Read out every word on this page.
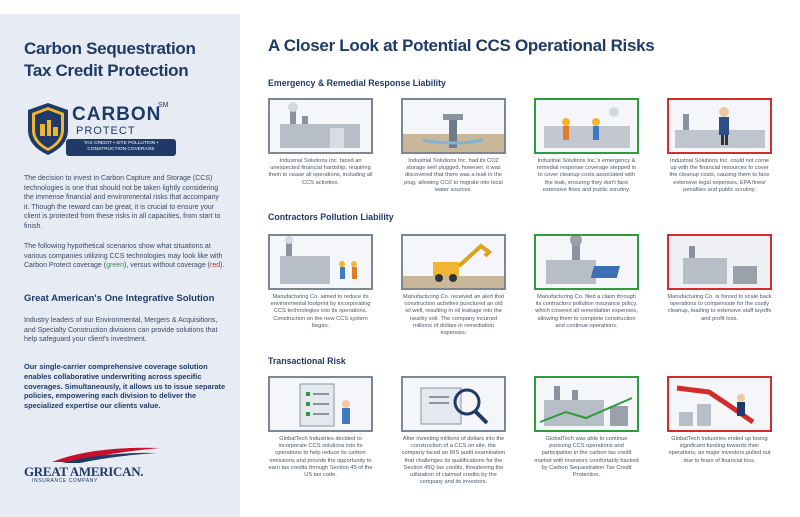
Carbon Sequestration Tax Credit Protection
CARBON
SM
PROTECT
TAX CREDIT • SITE POLLUTION • CONSTRUCTION COVERAGE
The decision to invest in Carbon Capture and Storage (CCS) technologies is one that should not be taken lightly considering the immense financial and environmental risks that accompany it. Though the reward can be great, it is crucial to ensure your client is protected from these risks in all capacities, from start to finish.
The following hypothetical scenarios show what situations at various companies utilizing CCS technologies may look like with Carbon Protect coverage (green), versus without coverage (red).
Great American's One Integrative Solution
Industry leaders of our Environmental, Mergers & Acquisitions, and Specialty Construction divisions can provide solutions that help safeguard your client's investment.
Our single-carrier comprehensive coverage solution enables collaborative underwriting across specific coverages. Simultaneously, it allows us to issue separate policies, empowering each division to deliver the specialized expertise our clients value.
GREAT AMERICAN.
INSURANCE COMPANY
A Closer Look at Potential CCS Operational Risks
Emergency & Remedial Response Liability
Industrial Solutions Inc. faced an unexpected financial hardship, requiring them to cease all operations, including all CCS activities.
Industrial Solutions Inc. had its CO2 storage well plugged, however, it was discovered that there was a leak in the plug, allowing CO2 to migrate into local water sources.
Industrial Solutions Inc.'s emergency & remedial response coverage stepped in to cover cleanup costs associated with the leak, ensuring they don't face extensive fines and public scrutiny.
Industrial Solutions Inc. could not come up with the financial resources to cover the cleanup costs, causing them to face extensive legal expenses, EPA fines/ penalties and public scrutiny.
Contractors Pollution Liability
Manufacturing Co. aimed to reduce its environmental footprint by incorporating CCS technologies into its operations. Construction on the new CCS system began.
Manufacturing Co. received an alert that construction activities punctured an old oil well, resulting in oil leakage into the nearby soil. The company incurred millions of dollars in remediation expenses.
Manufacturing Co. filed a claim through its contractors pollution insurance policy, which covered all remediation expenses, allowing them to complete construction and continue operations.
Manufacturing Co. is forced to scale back operations to compensate for the costly cleanup, leading to extensive staff layoffs and profit loss.
Transactional Risk
GlobalTech Industries decided to incorporate CCS solutions into its operations to help reduce its carbon emissions and provide the opportunity to earn tax credits through Section 45 of the US tax code.
After investing millions of dollars into the construction of a CCS on site, the company faced an IRS audit examination that challenges its qualifications for the Section 45Q tax credits, threatening the utilization of claimed credits by the company and its investors.
GlobalTech was able to continue pursuing CCS operations and participation in the carbon tax credit market with investors comfortably backed by Carbon Sequestration Tax Credit Protection.
GlobalTech Industries ended up losing significant funding towards their operations, as major investors pulled out due to fears of financial loss.
